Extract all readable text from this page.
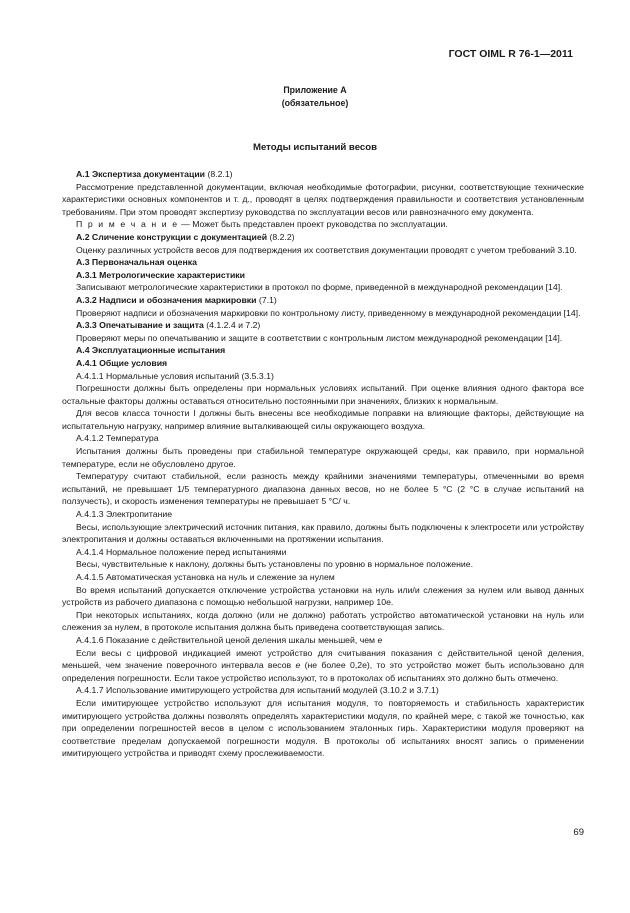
ГОСТ OIML R 76-1—2011
Приложение А
(обязательное)
Методы испытаний весов

А.1 Экспертиза документации (8.2.1)

Рассмотрение представленной документации, включая необходимые фотографии, рисунки, соответствующие технические характеристики основных компонентов и т. д., проводят в целях подтверждения правильности и соответствия установленным требованиям. При этом проводят экспертизу руководства по эксплуатации весов или равнозначного ему документа.

П р и м е ч а н и е — Может быть представлен проект руководства по эксплуатации.

А.2 Сличение конструкции с документацией (8.2.2)

Оценку различных устройств весов для подтверждения их соответствия документации проводят с учетом требований 3.10.

А.3 Первоначальная оценка

А.3.1 Метрологические характеристики

Записывают метрологические характеристики в протокол по форме, приведенной в международной рекомендации [14].

А.3.2 Надписи и обозначения маркировки (7.1)

Проверяют надписи и обозначения маркировки по контрольному листу, приведенному в международной рекомендации [14].

А.3.3 Опечатывание и защита (4.1.2.4 и 7.2)

Проверяют меры по опечатыванию и защите в соответствии с контрольным листом международной рекомендации [14].

А.4 Эксплуатационные испытания

А.4.1 Общие условия

А.4.1.1 Нормальные условия испытаний (3.5.3.1)

Погрешности должны быть определены при нормальных условиях испытаний. При оценке влияния одного фактора все остальные факторы должны оставаться относительно постоянными при значениях, близких к нормальным.

Для весов класса точности I должны быть внесены все необходимые поправки на влияющие факторы, действующие на испытательную нагрузку, например влияние выталкивающей силы окружающего воздуха.

А.4.1.2 Температура

Испытания должны быть проведены при стабильной температуре окружающей среды, как правило, при нормальной температуре, если не обусловлено другое.

Температуру считают стабильной, если разность между крайними значениями температуры, отмеченными во время испытаний, не превышает 1/5 температурного диапазона данных весов, но не более 5 °С (2 °С в случае испытаний на ползучесть), и скорость изменения температуры не превышает 5 °С/ ч.

А.4.1.3 Электропитание

Весы, использующие электрический источник питания, как правило, должны быть подключены к электросети или устройству электропитания и должны оставаться включенными на протяжении испытания.

А.4.1.4 Нормальное положение перед испытаниями

Весы, чувствительные к наклону, должны быть установлены по уровню в нормальное положение.

А.4.1.5 Автоматическая установка на нуль и слежение за нулем

Во время испытаний допускается отключение устройства установки на нуль или/и слежения за нулем или вывод данных устройств из рабочего диапазона с помощью небольшой нагрузки, например 10е.

При некоторых испытаниях, когда должно (или не должно) работать устройство автоматической установки на нуль или слежения за нулем, в протоколе испытания должна быть приведена соответствующая запись.

А.4.1.6 Показание с действительной ценой деления шкалы меньшей, чем е

Если весы с цифровой индикацией имеют устройство для считывания показания с действительной ценой деления, меньшей, чем значение поверочного интервала весов е (не более 0,2е), то это устройство может быть использовано для определения погрешности. Если такое устройство используют, то в протоколах об испытаниях это должно быть отмечено.

А.4.1.7 Использование имитирующего устройства для испытаний модулей (3.10.2 и 3.7.1)

Если имитирующее устройство используют для испытания модуля, то повторяемость и стабильность характеристик имитирующего устройства должны позволять определять характеристики модуля, по крайней мере, с такой же точностью, как при определении погрешностей весов в целом с использованием эталонных гирь. Характеристики модуля проверяют на соответствие пределам допускаемой погрешности модуля. В протоколы об испытаниях вносят запись о применении имитирующего устройства и приводят схему прослеживаемости.

69
